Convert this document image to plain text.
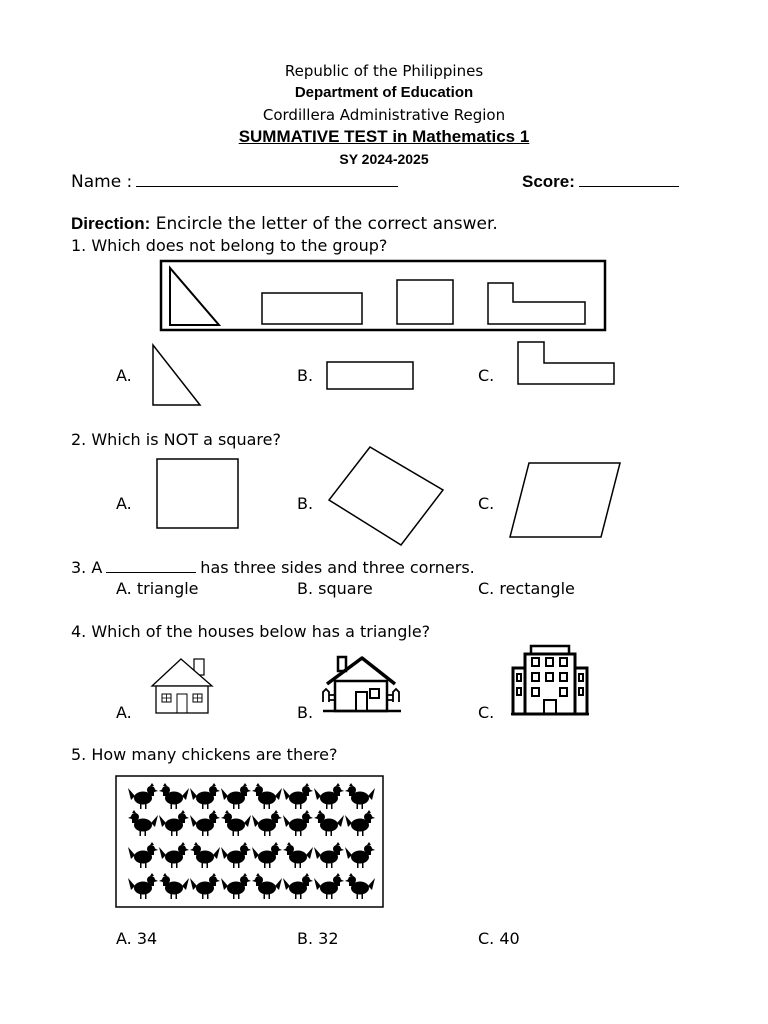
Republic of the Philippines
Department of Education
Cordillera Administrative Region
SUMMATIVE TEST in Mathematics 1
SY 2024-2025
Name :	Score:
Direction: Encircle the letter of the correct answer.
1. Which does not belong to the group?
A.	B.	C.
2. Which is NOT a square?
A.	B.	C.
3. A	has three sides and three corners.
A. triangle	B. square	C. rectangle
4. Which of the houses below has a triangle?
A.	B.	C.
5. How many chickens are there?
A. 34	B. 32	C. 40
